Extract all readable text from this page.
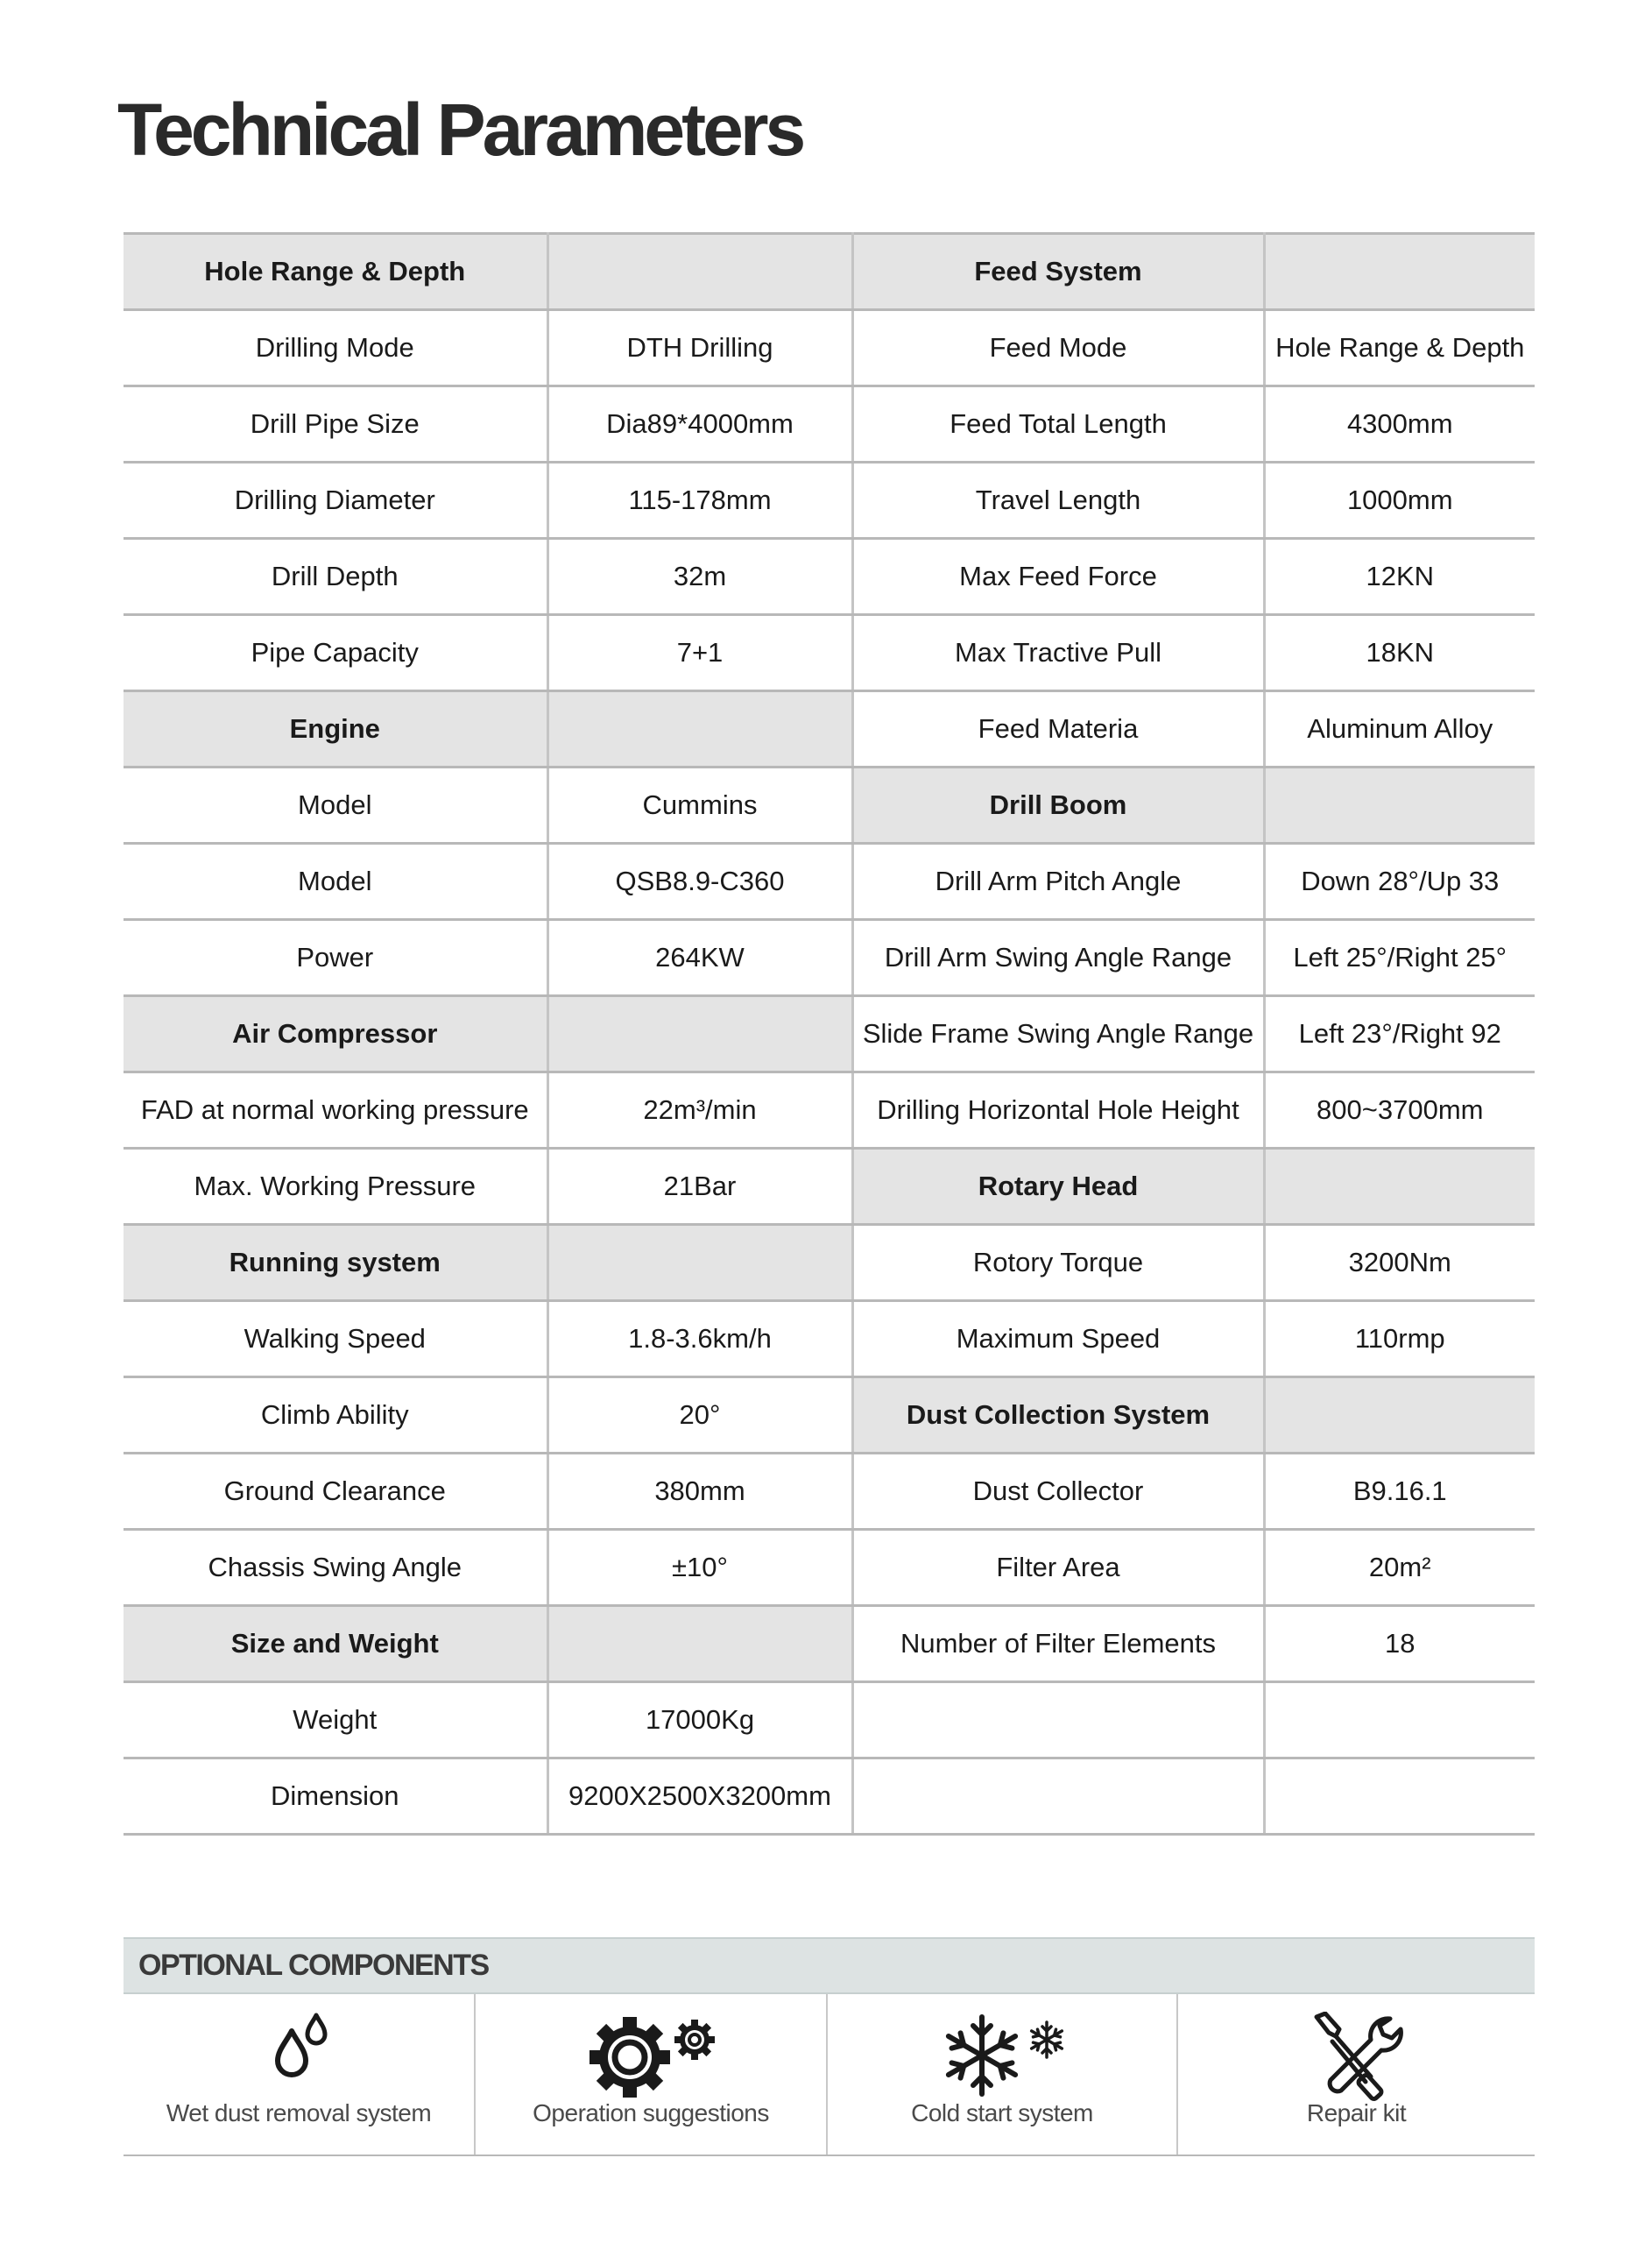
Technical Parameters
Hole Range & Depth		Feed System	
Drilling Mode	DTH Drilling	Feed Mode	Hole Range & Depth
Drill Pipe Size	Dia89*4000mm	Feed Total Length	4300mm
Drilling Diameter	115-178mm	Travel Length	1000mm
Drill Depth	32m	Max Feed Force	12KN
Pipe Capacity	7+1	Max Tractive Pull	18KN
Engine		Feed Materia	Aluminum Alloy
Model	Cummins	Drill Boom	
Model	QSB8.9-C360	Drill Arm Pitch Angle	Down 28°/Up 33
Power	264KW	Drill Arm Swing Angle Range	Left 25°/Right 25°
Air Compressor		Slide Frame Swing Angle Range	Left 23°/Right 92
FAD at normal working pressure	22m³/min	Drilling Horizontal Hole Height	800~3700mm
Max. Working Pressure	21Bar	Rotary Head	
Running system		Rotory Torque	3200Nm
Walking Speed	1.8-3.6km/h	Maximum Speed	110rmp
Climb Ability	20°	Dust Collection System	
Ground Clearance	380mm	Dust Collector	B9.16.1
Chassis Swing Angle	±10°	Filter Area	20m²
Size and Weight		Number of Filter Elements	18
Weight	17000Kg		
Dimension	9200X2500X3200mm		
OPTIONAL COMPONENTS
Wet dust removal system	Operation suggestions	Cold start system	Repair kit
